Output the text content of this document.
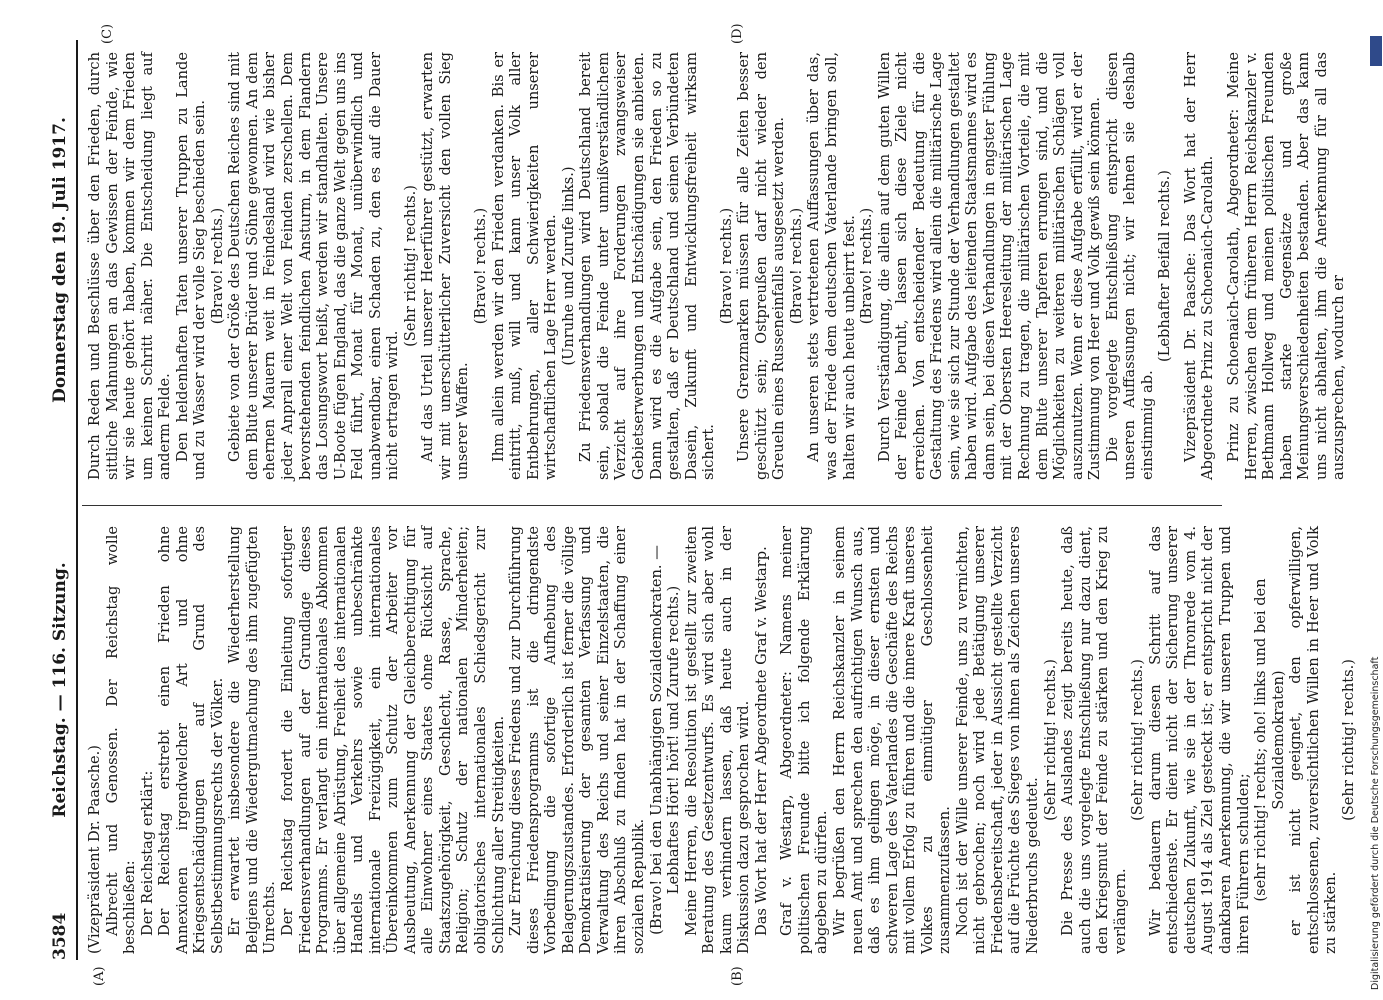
3584
Reichstag. — 116. Sitzung.
Donnerstag den 19. Juli 1917.
(A)	(B)
(C)	(D)

(Vizepräsident Dr. Paasche.) Albrecht und Genossen. Der Reichstag wolle beschließen: Der Reichstag erklärt: Der Reichstag erstrebt einen Frieden ohne Annexionen irgendwelcher Art und ohne Kriegsentschädigungen auf Grund des Selbstbestimmungsrechts der Völker. Er erwartet insbesondere die Wiederherstellung Belgiens und die Wiedergutmachung des ihm zugefügten Unrechts. Der Reichstag fordert die Einleitung sofortiger Friedensverhandlungen auf der Grundlage dieses Programms. Er verlangt ein internationales Abkommen über allgemeine Abrüstung, Freiheit des internationalen Handels und Verkehrs sowie unbeschränkte internationale Freizügigkeit, ein internationales Übereinkommen zum Schutz der Arbeiter vor Ausbeutung, Anerkennung der Gleichberechtigung für alle Einwohner eines Staates ohne Rücksicht auf Staatszugehörigkeit, Geschlecht, Rasse, Sprache, Religion; Schutz der nationalen Minderheiten; obligatorisches internationales Schiedsgericht zur Schlichtung aller Streitigkeiten. Zur Erreichung dieses Friedens und zur Durchführung dieses Friedensprogramms ist die dringendste Vorbedingung die sofortige Aufhebung des Belagerungszustandes. Erforderlich ist ferner die völlige Demokratisierung der gesamten Verfassung und Verwaltung des Reichs und seiner Einzelstaaten, die ihren Abschluß zu finden hat in der Schaffung einer sozialen Republik. (Bravo! bei den Unabhängigen Sozialdemokraten. — Lebhaftes Hört! hört! und Zurufe rechts.) Meine Herren, die Resolution ist gestellt zur zweiten Beratung des Gesetzentwurfs. Es wird sich aber wohl kaum verhindern lassen, daß heute auch in der Diskussion dazu gesprochen wird. Das Wort hat der Herr Abgeordnete Graf v. Westarp. Graf v. Westarp, Abgeordneter: Namens meiner politischen Freunde bitte ich folgende Erklärung abgeben zu dürfen. Wir begrüßen den Herrn Reichskanzler in seinem neuen Amt und sprechen den aufrichtigen Wunsch aus, daß es ihm gelingen möge, in dieser ernsten und schweren Lage des Vaterlandes die Geschäfte des Reichs mit vollem Erfolg zu führen und die innere Kraft unseres Volkes zu einmütiger Geschlossenheit zusammenzufassen. Noch ist der Wille unserer Feinde, uns zu vernichten, nicht gebrochen; noch wird jede Betätigung unserer Friedensbereitschaft, jeder in Aussicht gestellte Verzicht auf die Früchte des Sieges von ihnen als Zeichen unseres Niederbruchs gedeutet.

(Sehr richtig! rechts.) Die Presse des Auslandes zeigt bereits heute, daß auch die uns vorgelegte Entschließung nur dazu dient, den Kriegsmut der Feinde zu stärken und den Krieg zu verlängern.

(Sehr richtig! rechts.) Wir bedauern darum diesen Schritt auf das entschiedenste. Er dient nicht der Sicherung unserer deutschen Zukunft, wie sie in der Thronrede vom 4. August 1914 als Ziel gesteckt ist; er entspricht nicht der dankbaren Anerkennung, die wir unseren Truppen und ihren Führern schulden; (sehr richtig! rechts; oho! links und bei den Sozialdemokraten) er ist nicht geeignet, den opferwilligen, entschlossenen, zuversichtlichen Willen in Heer und Volk zu stärken.

(Sehr richtig! rechts.)

Durch Reden und Beschlüsse über den Frieden, durch sittliche Mahnungen an das Gewissen der Feinde, wie wir sie heute gehört haben, kommen wir dem Frieden um keinen Schritt näher. Die Entscheidung liegt auf anderm Felde. Den heldenhaften Taten unserer Truppen zu Lande und zu Wasser wird der volle Sieg beschieden sein. (Bravo! rechts.) Gebiete von der Größe des Deutschen Reiches sind mit dem Blute unserer Brüder und Söhne gewonnen. An dem ehernen Mauern weit in Feindesland wird wie bisher jeder Anprall einer Welt von Feinden zerschellen. Dem bevorstehenden feindlichen Ansturm, in dem Flandern das Losungswort heißt, werden wir standhalten. Unsere U-Boote fügen England, das die ganze Welt gegen uns ins Feld führt, Monat für Monat, unüberwindlich und unabwendbar, einen Schaden zu, den es auf die Dauer nicht ertragen wird.

(Sehr richtig! rechts.) Auf das Urteil unserer Heerführer gestützt, erwarten wir mit unerschütterlicher Zuversicht den vollen Sieg unserer Waffen.

(Bravo! rechts.) Ihm allein werden wir den Frieden verdanken. Bis er eintritt, muß, will und kann unser Volk aller Entbehrungen, aller Schwierigkeiten unserer wirtschaftlichen Lage Herr werden. (Unruhe und Zurufe links.) Zu Friedensverhandlungen wird Deutschland bereit sein, sobald die Feinde unter unmißverständlichem Verzicht auf ihre Forderungen zwangsweiser Gebietserwerbungen und Entschädigungen sie anbieten. Dann wird es die Aufgabe sein, den Frieden so zu gestalten, daß er Deutschland und seinen Verbündeten Dasein, Zukunft und Entwicklungsfreiheit wirksam sichert.

(Bravo! rechts.) Unsere Grenzmarken müssen für alle Zeiten besser geschützt sein; Ostpreußen darf nicht wieder den Greueln eines Russeneinfalls ausgesetzt werden. (Bravo! rechts.) An unseren stets vertretenen Auffassungen über das, was der Friede dem deutschen Vaterlande bringen soll, halten wir auch heute unbeirrt fest. (Bravo! rechts.) Durch Verständigung, die allein auf dem guten Willen der Feinde beruht, lassen sich diese Ziele nicht erreichen. Von entscheidender Bedeutung für die Gestaltung des Friedens wird allein die militärische Lage sein, wie sie sich zur Stunde der Verhandlungen gestaltet haben wird. Aufgabe des leitenden Staatsmannes wird es dann sein, bei diesen Verhandlungen in engster Fühlung mit der Obersten Heeresleitung der militärischen Lage Rechnung zu tragen, die militärischen Vorteile, die mit dem Blute unserer Tapferen errungen sind, und die Möglichkeiten zu weiteren militärischen Schlägen voll auszunutzen. Wenn er diese Aufgabe erfüllt, wird er der Zustimmung von Heer und Volk gewiß sein können. Die vorgelegte Entschließung entspricht diesen unseren Auffassungen nicht; wir lehnen sie deshalb einstimmig ab.

(Lebhafter Beifall rechts.) Vizepräsident Dr. Paasche: Das Wort hat der Herr Abgeordnete Prinz zu Schoenaich-Carolath. Prinz zu Schoenaich-Carolath, Abgeordneter: Meine Herren, zwischen dem früheren Herrn Reichskanzler v. Bethmann Hollweg und meinen politischen Freunden haben starke Gegensätze und große Meinungsverschiedenheiten bestanden. Aber das kann uns nicht abhalten, ihm die Anerkennung für all das auszusprechen, wodurch er

Digitalisierung gefördert durch die Deutsche Forschungsgemeinschaft
